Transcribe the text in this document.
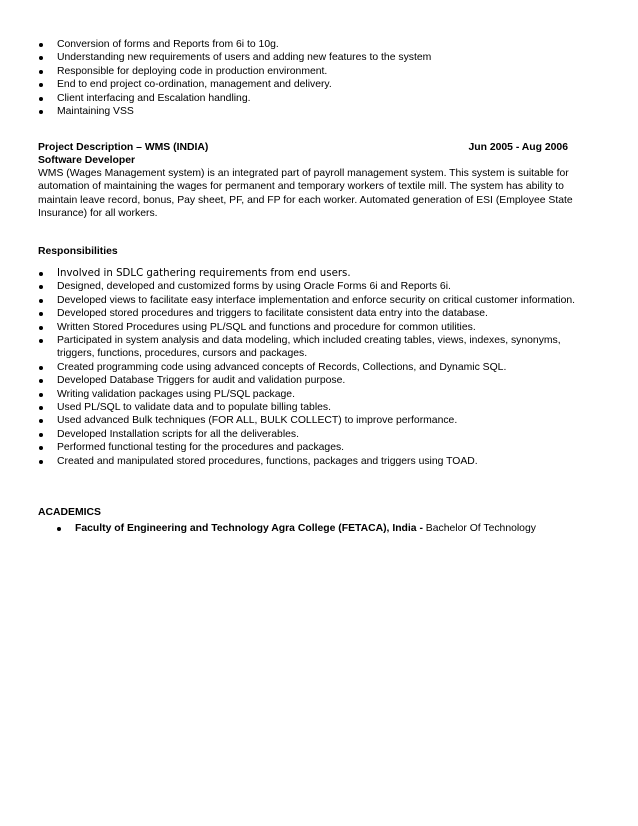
Conversion of forms and Reports from 6i to 10g.
Understanding new requirements of users and adding new features to the system
Responsible for deploying code in production environment.
End to end project co-ordination, management and delivery.
Client interfacing and Escalation handling.
Maintaining VSS
Project Description – WMS (INDIA)	Jun 2005 - Aug 2006
Software Developer
WMS (Wages Management system) is an integrated part of payroll management system. This system is suitable for automation of maintaining the wages for permanent and temporary workers of textile mill. The system has ability to maintain leave record, bonus, Pay sheet, PF, and FP for each worker. Automated generation of ESI (Employee State Insurance) for all workers.
Responsibilities
Involved in SDLC gathering requirements from end users.
Designed, developed and customized forms by using Oracle Forms 6i and Reports 6i.
Developed views to facilitate easy interface implementation and enforce security on critical customer information.
Developed stored procedures and triggers to facilitate consistent data entry into the database.
Written Stored Procedures using PL/SQL and functions and procedure for common utilities.
Participated in system analysis and data modeling, which included creating tables, views, indexes, synonyms, triggers, functions, procedures, cursors and packages.
Created programming code using advanced concepts of Records, Collections, and Dynamic SQL.
Developed Database Triggers for audit and validation purpose.
Writing validation packages using PL/SQL package.
Used PL/SQL to validate data and to populate billing tables.
Used advanced Bulk techniques (FOR ALL, BULK COLLECT) to improve performance.
Developed Installation scripts for all the deliverables.
Performed functional testing for the procedures and packages.
Created and manipulated stored procedures, functions, packages and triggers using TOAD.
ACADEMICS
Faculty of Engineering and Technology Agra College (FETACA), India - Bachelor Of Technology
